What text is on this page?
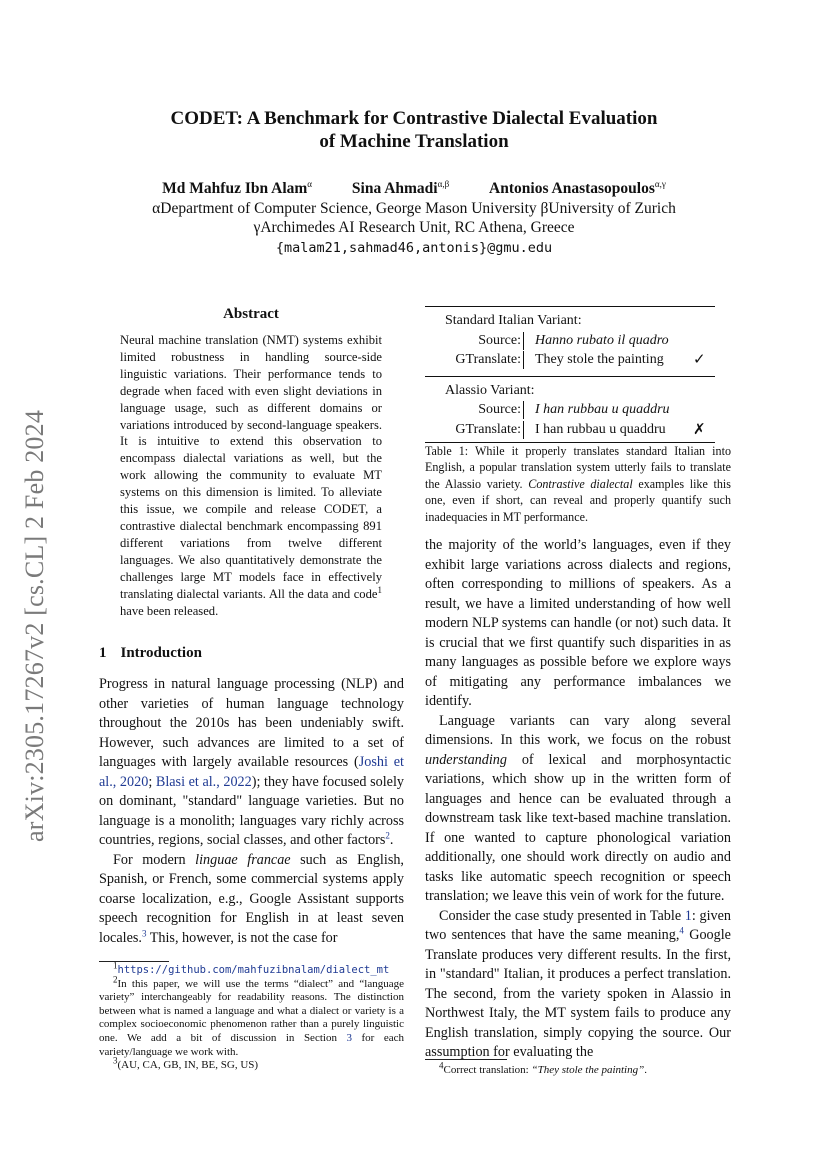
arXiv:2305.17267v2 [cs.CL] 2 Feb 2024
CODET: A Benchmark for Contrastive Dialectal Evaluation
of Machine Translation
Md Mahfuz Ibn Alam$^\alpha$	Sina Ahmadi$^{\alpha,\beta}$	Antonios Anastasopoulos$^{\alpha,\gamma}$
αDepartment of Computer Science, George Mason University βUniversity of Zurich
γArchimedes AI Research Unit, RC Athena, Greece
{malam21,sahmad46,antonis}@gmu.edu
Abstract
Neural machine translation (NMT) systems exhibit limited robustness in handling source-side linguistic variations. Their performance tends to degrade when faced with even slight deviations in language usage, such as different domains or variations introduced by second-language speakers. It is intuitive to extend this observation to encompass dialectal variations as well, but the work allowing the community to evaluate MT systems on this dimension is limited. To alleviate this issue, we compile and release CODET, a contrastive dialectal benchmark encompassing 891 different variations from twelve different languages. We also quantitatively demonstrate the challenges large MT models face in effectively translating dialectal variants. All the data and code$^1$ have been released.
1 Introduction

Progress in natural language processing (NLP) and other varieties of human language technology throughout the 2010s has been undeniably swift. However, such advances are limited to a set of languages with largely available resources (Joshi et al., 2020; Blasi et al., 2022); they have focused solely on dominant, "standard" language varieties. But no language is a monolith; languages vary richly across countries, regions, social classes, and other factors$^2$.

For modern linguae francae such as English, Spanish, or French, some commercial systems apply coarse localization, e.g., Google Assistant supports speech recognition for English in at least seven locales.$^3$ This, however, is not the case for

$^1$https://github.com/mahfuzibnalam/dialect_mt

$^2$In this paper, we will use the terms “dialect” and “language variety” interchangeably for readability reasons. The distinction between what is named a language and what a dialect or variety is a complex socioeconomic phenomenon rather than a purely linguistic one. We add a bit of discussion in Section 3 for each variety/language we work with.

$^3$(AU, CA, GB, IN, BE, SG, US)

Standard Italian Variant:
Source: Hanno rubato il quadro
GTranslate: They stole the painting ✓
Alassio Variant:
Source: I han rubbau u quaddru
GTranslate: I han rubbau u quaddru ✗
Table 1: While it properly translates standard Italian into English, a popular translation system utterly fails to translate the Alassio variety. Contrastive dialectal examples like this one, even if short, can reveal and properly quantify such inadequacies in MT performance.

the majority of the world’s languages, even if they exhibit large variations across dialects and regions, often corresponding to millions of speakers. As a result, we have a limited understanding of how well modern NLP systems can handle (or not) such data. It is crucial that we first quantify such disparities in as many languages as possible before we explore ways of mitigating any performance imbalances we identify.

Language variants can vary along several dimensions. In this work, we focus on the robust understanding of lexical and morphosyntactic variations, which show up in the written form of languages and hence can be evaluated through a downstream task like text-based machine translation. If one wanted to capture phonological variation additionally, one should work directly on audio and tasks like automatic speech recognition or speech translation; we leave this vein of work for the future.

Consider the case study presented in Table 1: given two sentences that have the same meaning,$^4$ Google Translate produces very different results. In the first, in "standard" Italian, it produces a perfect translation. The second, from the variety spoken in Alassio in Northwest Italy, the MT system fails to produce any English translation, simply copying the source. Our assumption for evaluating the

$^4$Correct translation: “They stole the painting”.
